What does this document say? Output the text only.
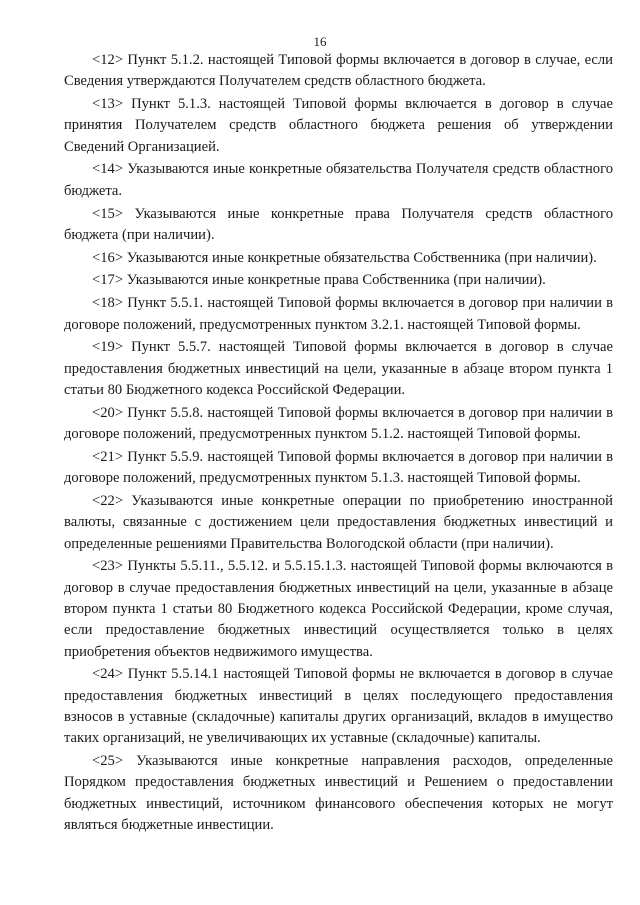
16

<12> Пункт 5.1.2. настоящей Типовой формы включается в договор в случае, если Сведения утверждаются Получателем средств областного бюджета.

<13> Пункт 5.1.3. настоящей Типовой формы включается в договор в случае принятия Получателем средств областного бюджета решения об утверждении Сведений Организацией.

<14> Указываются иные конкретные обязательства Получателя средств областного бюджета.

<15> Указываются иные конкретные права Получателя средств областного бюджета (при наличии).

<16> Указываются иные конкретные обязательства Собственника (при наличии).

<17> Указываются иные конкретные права Собственника (при наличии).

<18> Пункт 5.5.1. настоящей Типовой формы включается в договор при наличии в договоре положений, предусмотренных пунктом 3.2.1. настоящей Типовой формы.

<19> Пункт 5.5.7. настоящей Типовой формы включается в договор в случае предоставления бюджетных инвестиций на цели, указанные в абзаце втором пункта 1 статьи 80 Бюджетного кодекса Российской Федерации.

<20> Пункт 5.5.8. настоящей Типовой формы включается в договор при наличии в договоре положений, предусмотренных пунктом 5.1.2. настоящей Типовой формы.

<21> Пункт 5.5.9. настоящей Типовой формы включается в договор при наличии в договоре положений, предусмотренных пунктом 5.1.3. настоящей Типовой формы.

<22> Указываются иные конкретные операции по приобретению иностранной валюты, связанные с достижением цели предоставления бюджетных инвестиций и определенные решениями Правительства Вологодской области (при наличии).

<23> Пункты 5.5.11., 5.5.12. и 5.5.15.1.3. настоящей Типовой формы включаются в договор в случае предоставления бюджетных инвестиций на цели, указанные в абзаце втором пункта 1 статьи 80 Бюджетного кодекса Российской Федерации, кроме случая, если предоставление бюджетных инвестиций осуществляется только в целях приобретения объектов недвижимого имущества.

<24> Пункт 5.5.14.1 настоящей Типовой формы не включается в договор в случае предоставления бюджетных инвестиций в целях последующего предоставления взносов в уставные (складочные) капиталы других организаций, вкладов в имущество таких организаций, не увеличивающих их уставные (складочные) капиталы.

<25> Указываются иные конкретные направления расходов, определенные Порядком предоставления бюджетных инвестиций и Решением о предоставлении бюджетных инвестиций, источником финансового обеспечения которых не могут являться бюджетные инвестиции.
